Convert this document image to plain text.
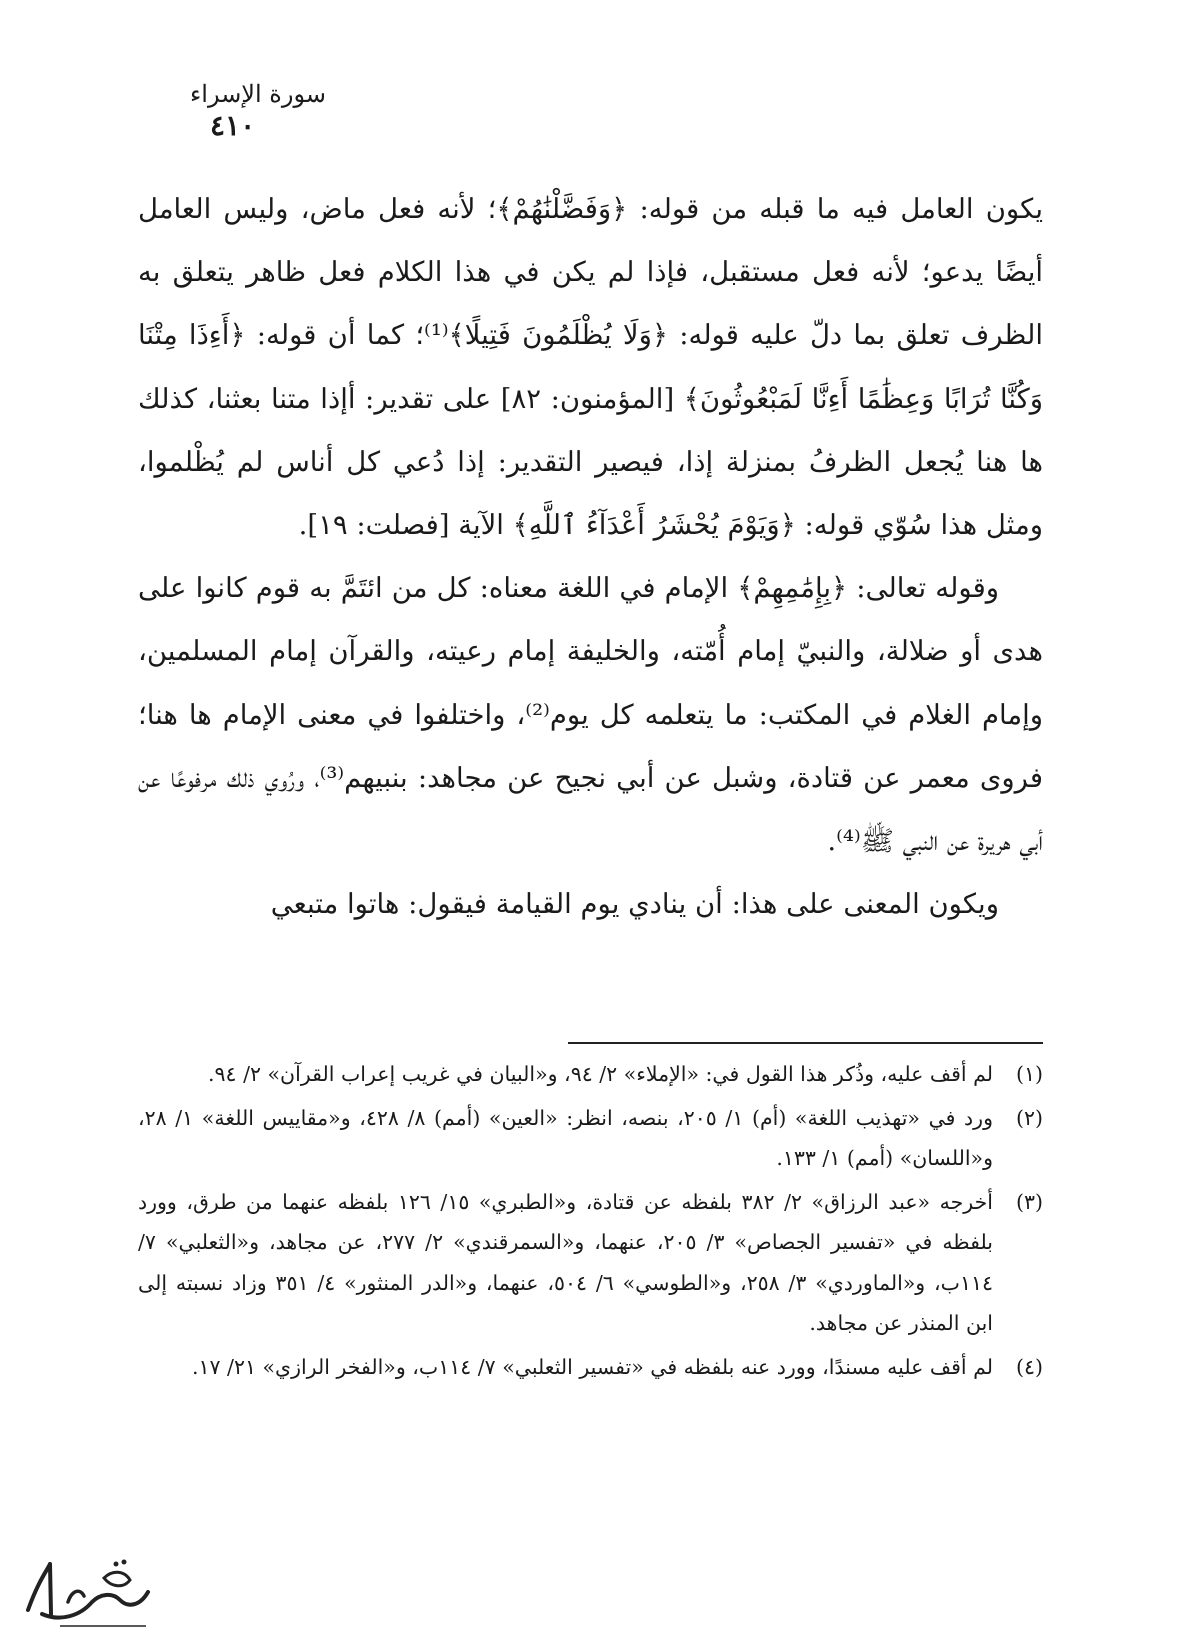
سورة الإسراء
٤١٠

يكون العامل فيه ما قبله من قوله: ﴿وَفَضَّلْنَٰهُمْ﴾؛ لأنه فعل ماض، وليس العامل أيضًا يدعو؛ لأنه فعل مستقبل، فإذا لم يكن في هذا الكلام فعل ظاهر يتعلق به الظرف تعلق بما دلّ عليه قوله: ﴿وَلَا يُظْلَمُونَ فَتِيلًا﴾⁽¹⁾؛ كما أن قوله: ﴿أَءِذَا مِتْنَا وَكُنَّا تُرَابًا وَعِظَٰمًا أَءِنَّا لَمَبْعُوثُونَ﴾ [المؤمنون: ٨٢] على تقدير: أإذا متنا بعثنا، كذلك ها هنا يُجعل الظرفُ بمنزلة إذا، فيصير التقدير: إذا دُعي كل أناس لم يُظْلموا، ومثل هذا سُوّي قوله: ﴿وَيَوْمَ يُحْشَرُ أَعْدَآءُ ٱللَّهِ﴾ الآية [فصلت: ١٩].

وقوله تعالى: ﴿بِإِمَٰمِهِمْ﴾ الإمام في اللغة معناه: كل من ائتَمَّ به قوم كانوا على هدى أو ضلالة، والنبيّ إمام أُمّته، والخليفة إمام رعيته، والقرآن إمام المسلمين، وإمام الغلام في المكتب: ما يتعلمه كل يوم⁽²⁾، واختلفوا في معنى الإمام ها هنا؛ فروى معمر عن قتادة، وشبل عن أبي نجيح عن مجاهد: بنبيهم⁽³⁾، ورُوي ذلك مرفوعًا عن أبي هريرة عن النبي ﷺ⁽⁴⁾.

ويكون المعنى على هذا: أن ينادي يوم القيامة فيقول: هاتوا متبعي

(١)
لم أقف عليه، وذُكر هذا القول في: «الإملاء» ٢/ ٩٤، و«البيان في غريب إعراب القرآن» ٢/ ٩٤.
(٢)
ورد في «تهذيب اللغة» (أم) ١/ ٢٠٥، بنصه، انظر: «العين» (أمم) ٨/ ٤٢٨، و«مقاييس اللغة» ١/ ٢٨، و«اللسان» (أمم) ١/ ١٣٣.
(٣)
أخرجه «عبد الرزاق» ٢/ ٣٨٢ بلفظه عن قتادة، و«الطبري» ١٥/ ١٢٦ بلفظه عنهما من طرق، وورد بلفظه في «تفسير الجصاص» ٣/ ٢٠٥، عنهما، و«السمرقندي» ٢/ ٢٧٧، عن مجاهد، و«الثعلبي» ٧/ ١١٤ب، و«الماوردي» ٣/ ٢٥٨، و«الطوسي» ٦/ ٥٠٤، عنهما، و«الدر المنثور» ٤/ ٣٥١ وزاد نسبته إلى ابن المنذر عن مجاهد.
(٤)
لم أقف عليه مسندًا، وورد عنه بلفظه في «تفسير الثعلبي» ٧/ ١١٤ب، و«الفخر الرازي» ٢١/ ١٧.
